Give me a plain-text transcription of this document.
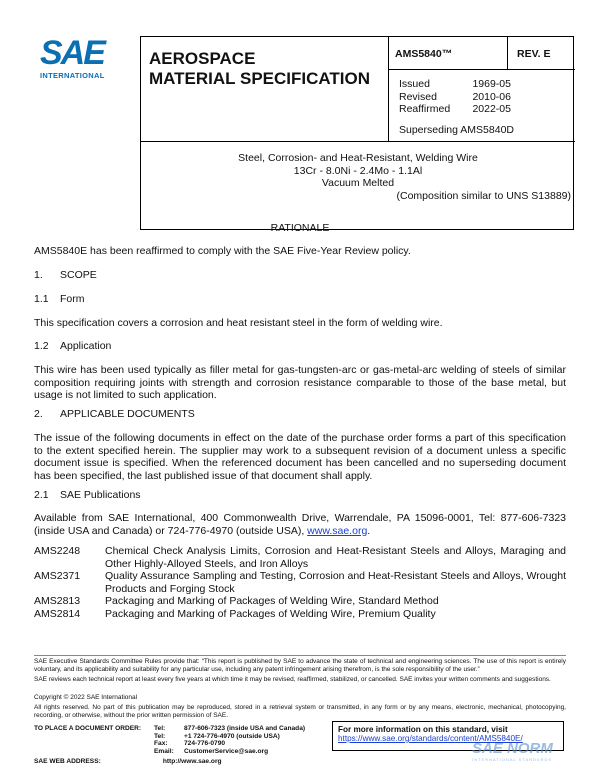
SAE
INTERNATIONAL
AEROSPACE
MATERIAL SPECIFICATION
AMS5840™	REV. E
Issued	1969-05
Revised	2010-06
Reaffirmed 2022-05
Superseding AMS5840D
Steel, Corrosion- and Heat-Resistant, Welding Wire
13Cr - 8.0Ni - 2.4Mo - 1.1Al
Vacuum Melted
(Composition similar to UNS S13889)
RATIONALE
AMS5840E has been reaffirmed to comply with the SAE Five-Year Review policy.
1.	SCOPE
1.1	Form
This specification covers a corrosion and heat resistant steel in the form of welding wire.
1.2	Application
This wire has been used typically as filler metal for gas-tungsten-arc or gas-metal-arc welding of steels of similar composition requiring joints with strength and corrosion resistance comparable to those of the base metal, but usage is not limited to such application.
2.	APPLICABLE DOCUMENTS
The issue of the following documents in effect on the date of the purchase order forms a part of this specification to the extent specified herein. The supplier may work to a subsequent revision of a document unless a specific document issue is specified. When the referenced document has been cancelled and no superseding document has been specified, the last published issue of that document shall apply.
2.1	SAE Publications
Available from SAE International, 400 Commonwealth Drive, Warrendale, PA 15096-0001, Tel: 877-606-7323 (inside USA and Canada) or 724-776-4970 (outside USA), www.sae.org.
AMS2248	Chemical Check Analysis Limits, Corrosion and Heat-Resistant Steels and Alloys, Maraging and Other Highly-Alloyed Steels, and Iron Alloys
AMS2371	Quality Assurance Sampling and Testing, Corrosion and Heat-Resistant Steels and Alloys, Wrought Products and Forging Stock
AMS2813	Packaging and Marking of Packages of Welding Wire, Standard Method
AMS2814	Packaging and Marking of Packages of Welding Wire, Premium Quality
SAE Executive Standards Committee Rules provide that: “This report is published by SAE to advance the state of technical and engineering sciences. The use of this report is entirely voluntary, and its applicability and suitability for any particular use, including any patent infringement arising therefrom, is the sole responsibility of the user.”
SAE reviews each technical report at least every five years at which time it may be revised, reaffirmed, stabilized, or cancelled. SAE invites your written comments and suggestions.
Copyright © 2022 SAE International
All rights reserved. No part of this publication may be reproduced, stored in a retrieval system or transmitted, in any form or by any means, electronic, mechanical, photocopying, recording, or otherwise, without the prior written permission of SAE.
TO PLACE A DOCUMENT ORDER: Tel:	877-606-7323 (inside USA and Canada)
Tel:	+1 724-776-4970 (outside USA)
Fax: 724-776-0790
Email: CustomerService@sae.org
SAE WEB ADDRESS:	http://www.sae.org
For more information on this standard, visit
https://www.sae.org/standards/content/AMS5840E/
SAE NORM
INTERNATIONAL STANDARDS
